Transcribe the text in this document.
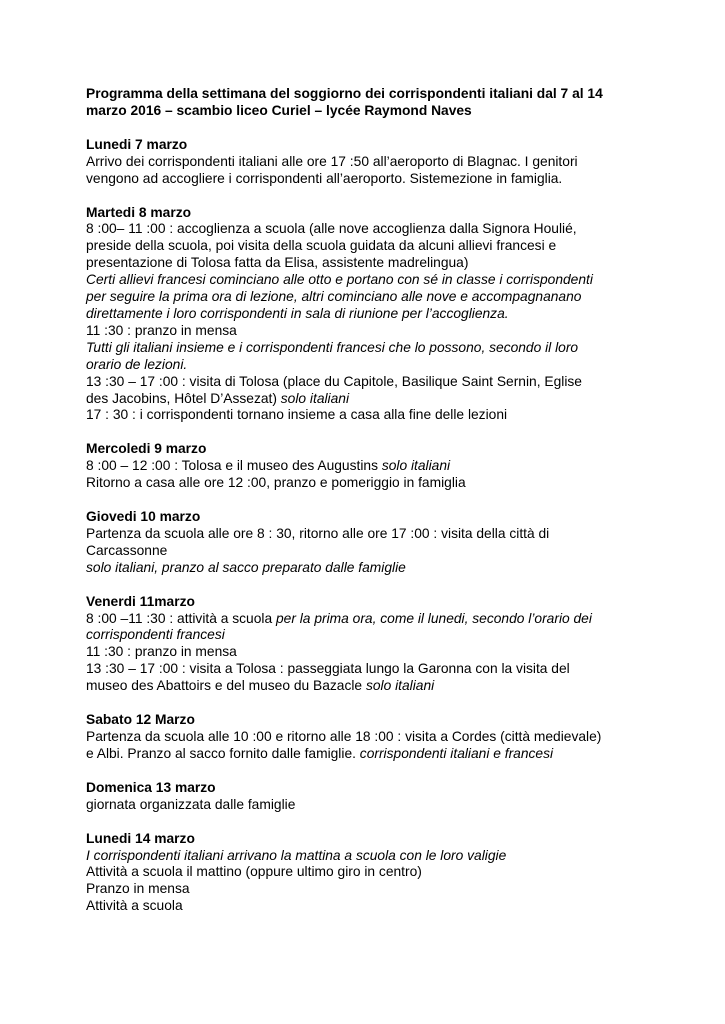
Programma della settimana del soggiorno dei corrispondenti italiani dal 7 al 14

marzo 2016 – scambio liceo Curiel – lycée Raymond Naves

Lunedi 7 marzo

Arrivo dei corrispondenti italiani alle ore 17 :50 all’aeroporto di Blagnac. I genitori

vengono ad accogliere i corrispondenti all’aeroporto. Sistemezione in famiglia.

Martedi 8 marzo

8 :00– 11 :00 : accoglienza a scuola (alle nove accoglienza dalla Signora Houlié,

preside della scuola, poi visita della scuola guidata da alcuni allievi francesi e

presentazione di Tolosa fatta da Elisa, assistente madrelingua)

Certi allievi francesi cominciano alle otto e portano con sé in classe i corrispondenti

per seguire la prima ora di lezione, altri cominciano alle nove e accompagnanano

direttamente i loro corrispondenti in sala di riunione per l’accoglienza.

11 :30 : pranzo in mensa

Tutti gli italiani insieme e i corrispondenti francesi che lo possono, secondo il loro

orario de lezioni.

13 :30 – 17 :00 : visita di Tolosa (place du Capitole, Basilique Saint Sernin, Eglise

des Jacobins, Hôtel D’Assezat) solo italiani

17 : 30 : i corrispondenti tornano insieme a casa alla fine delle lezioni

Mercoledi 9 marzo

8 :00 – 12 :00 : Tolosa e il museo des Augustins solo italiani

Ritorno a casa alle ore 12 :00, pranzo e pomeriggio in famiglia

Giovedi 10 marzo

Partenza da scuola alle ore 8 : 30, ritorno alle ore 17 :00 : visita della città di

Carcassonne

solo italiani, pranzo al sacco preparato dalle famiglie

Venerdi 11marzo

8 :00 –11 :30 : attività a scuola per la prima ora, come il lunedi, secondo l’orario dei

corrispondenti francesi

11 :30 : pranzo in mensa

13 :30 – 17 :00 : visita a Tolosa : passeggiata lungo la Garonna con la visita del

museo des Abattoirs e del museo du Bazacle solo italiani

Sabato 12 Marzo

Partenza da scuola alle 10 :00 e ritorno alle 18 :00 : visita a Cordes (città medievale)

e Albi. Pranzo al sacco fornito dalle famiglie. corrispondenti italiani e francesi

Domenica 13 marzo

giornata organizzata dalle famiglie

Lunedi 14 marzo

I corrispondenti italiani arrivano la mattina a scuola con le loro valigie

Attività a scuola il mattino (oppure ultimo giro in centro)

Pranzo in mensa

Attività a scuola
